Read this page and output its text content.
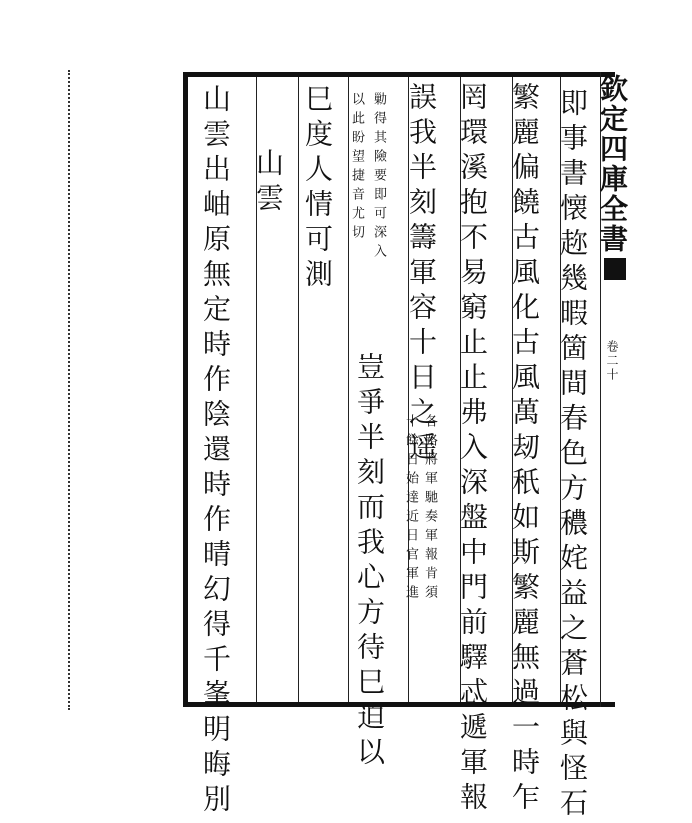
欽定四庫全書
卷二十
即事書懐趂幾暇箇間春色方穠姹益之蒼松與怪石
繁麗偏饒古風化古風萬刼秖如斯繁麗無過一時乍
罔環溪抱不易窮止止弗入深盤中門前驛忒遞軍報
誤我半刻籌軍容十日之遥
各路將軍馳奏軍報肯須
十餘日始達近日官軍進
勦得其險要即可深入
以此盼望捷音尤切
豈爭半刻而我心方待巳迫以
巳度人情可測
山雲
山雲出岫原無定時作陰還時作晴幻得千峯明晦別
